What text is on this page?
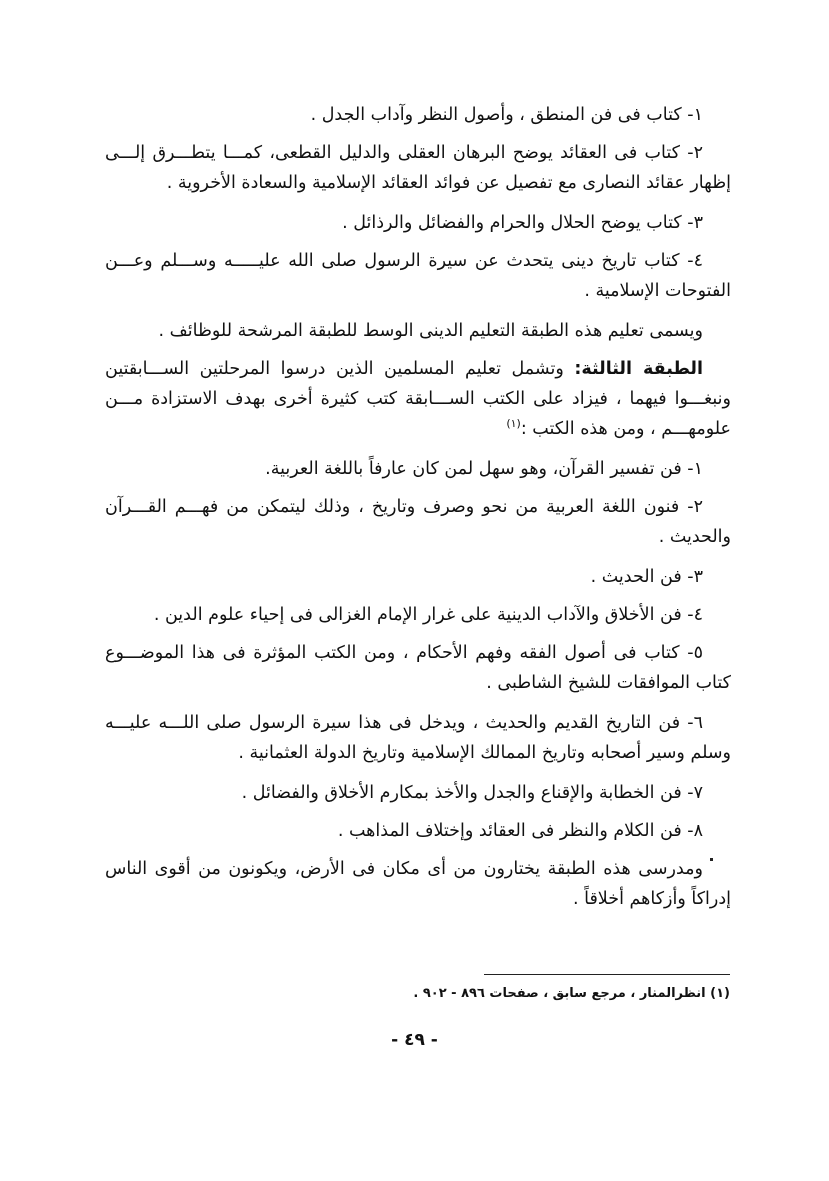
١- كتاب فى فن المنطق ، وأصول النظر وآداب الجدل .

٢- كتاب فى العقائد يوضح البرهان العقلى والدليل القطعى، كمـــا يتطـــرق إلـــى إظهار عقائد النصارى مع تفصيل عن فوائد العقائد الإسلامية والسعادة الأخروية .

٣- كتاب يوضح الحلال والحرام والفضائل والرذائل .

٤- كتاب تاريخ دينى يتحدث عن سيرة الرسول صلى الله عليـــــه وســـلم وعـــن الفتوحات الإسلامية .

ويسمى تعليم هذه الطبقة التعليم الدينى الوسط للطبقة المرشحة للوظائف .

الطبقة الثالثة: وتشمل تعليم المسلمين الذين درسوا المرحلتين الســـابقتين ونبغـــوا فيهما ، فيزاد على الكتب الســـابقة كتب كثيرة أخرى بهدف الاستزادة مـــن علومهـــم ، ومن هذه الكتب :$^{(١)}$

١- فن تفسير القرآن، وهو سهل لمن كان عارفاً باللغة العربية.

٢- فنون اللغة العربية من نحو وصرف وتاريخ ، وذلك ليتمكن من فهـــم القـــرآن والحديث .

٣- فن الحديث .

٤- فن الأخلاق والآداب الدينية على غرار الإمام الغزالى فى إحياء علوم الدين .

٥- كتاب فى أصول الفقه وفهم الأحكام ، ومن الكتب المؤثرة فى هذا الموضـــوع كتاب الموافقات للشيخ الشاطبى .

٦- فن التاريخ القديم والحديث ، ويدخل فى هذا سيرة الرسول صلى اللـــه عليـــه وسلم وسير أصحابه وتاريخ الممالك الإسلامية وتاريخ الدولة العثمانية .

٧- فن الخطابة والإقناع والجدل والأخذ بمكارم الأخلاق والفضائل .

٨- فن الكلام والنظر فى العقائد وإختلاف المذاهب .

ومدرسى هذه الطبقة يختارون من أى مكان فى الأرض، ويكونون من أقوى الناس إدراكاً وأزكاهم أخلاقاً .

(١) انظرالمنار ، مرجع سابق ، صفحات ٨٩٦ - ٩٠٢ .
- ٤٩ -
